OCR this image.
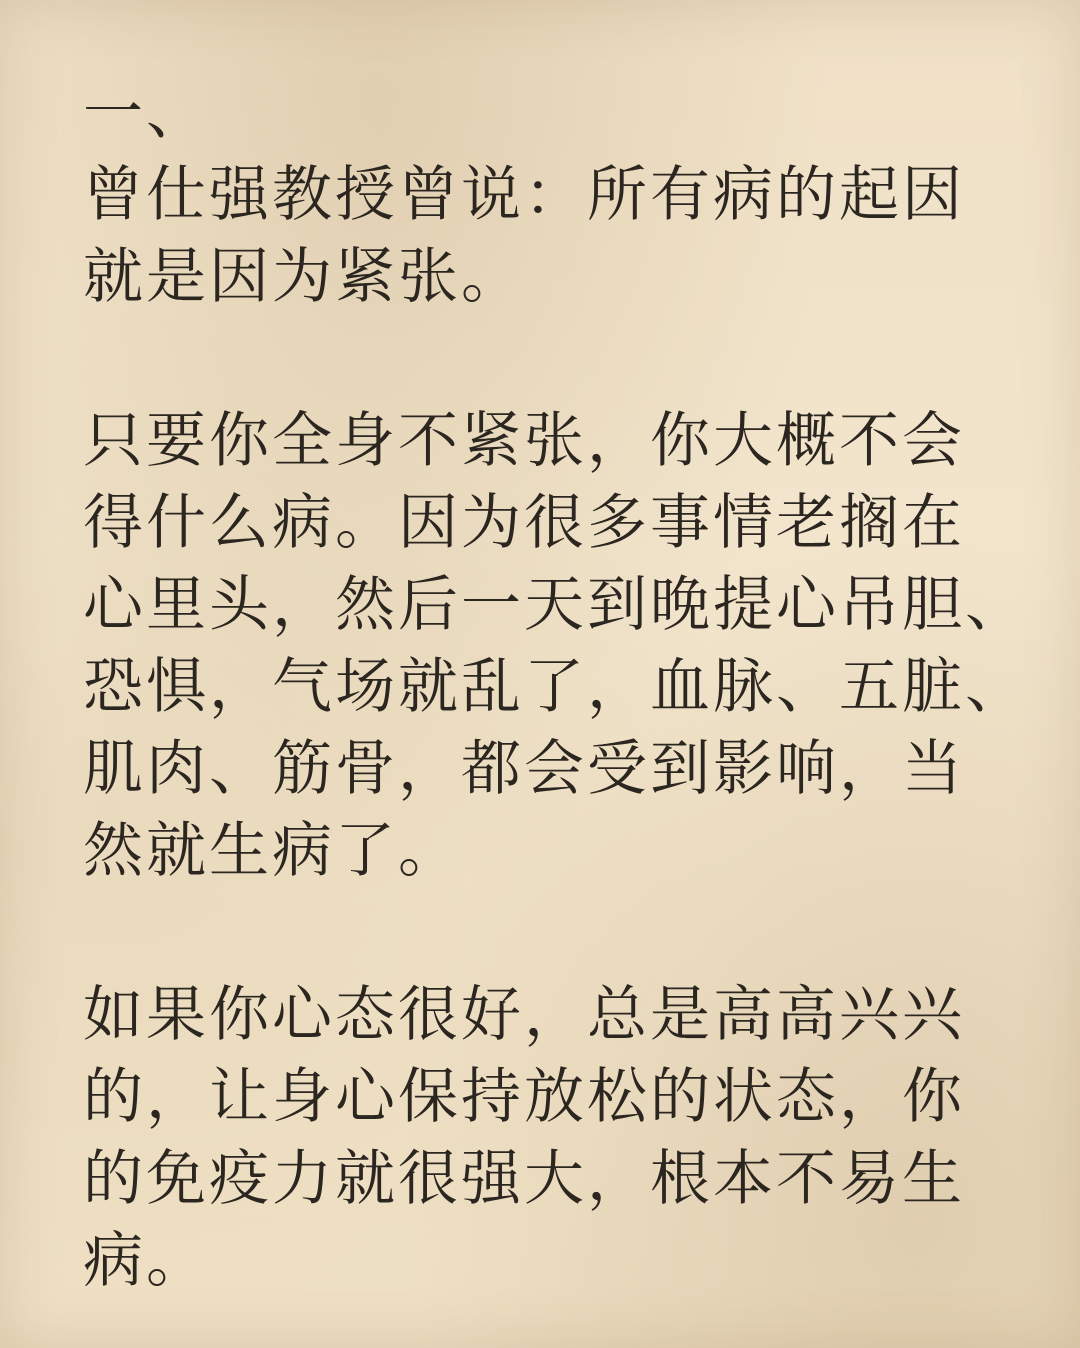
一、
曾仕强教授曾说：所有病的起因
就是因为紧张。
只要你全身不紧张，你大概不会
得什么病。因为很多事情老搁在
心里头，然后一天到晚提心吊胆、
恐惧，气场就乱了，血脉、五脏、
肌肉、筋骨，都会受到影响，当
然就生病了。
如果你心态很好，总是高高兴兴
的，让身心保持放松的状态，你
的免疫力就很强大，根本不易生
病。
